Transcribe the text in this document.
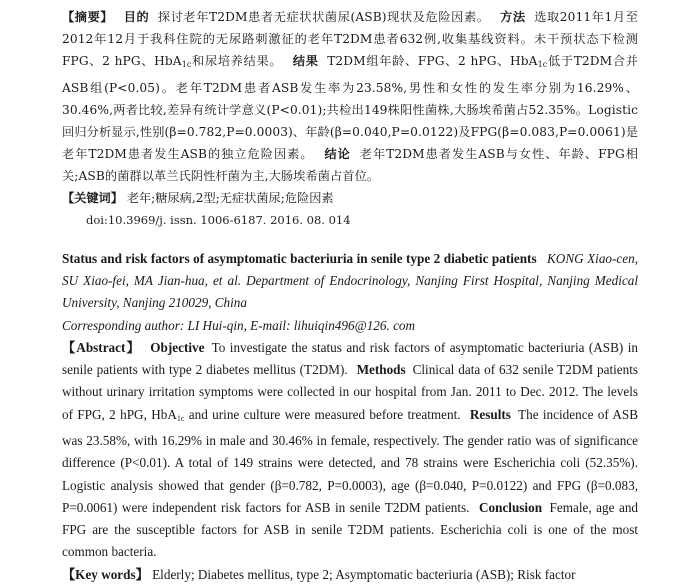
【摘要】 目的 探讨老年T2DM患者无症状状菌尿(ASB)现状及危险因素。 方法 选取2011年1月至2012年12月于我科住院的无尿路刺激征的老年T2DM患者632例,收集基线资料。未干预状态下检测FPG、2 hPG、HbA$_{1c}$和尿培养结果。 结果 T2DM组年龄、FPG、2 hPG、HbA$_{1c}$低于T2DM合并ASB组(P<0.05)。老年T2DM患者ASB发生率为23.58%,男性和女性的发生率分别为16.29%、30.46%,两者比较,差异有统计学意义(P<0.01);共检出149株阳性菌株,大肠埃希菌占52.35%。Logistic回归分析显示,性别(β=0.782,P=0.0003)、年龄(β=0.040,P=0.0122)及FPG(β=0.083,P=0.0061)是老年T2DM患者发生ASB的独立危险因素。 结论 老年T2DM患者发生ASB与女性、年龄、FPG相关;ASB的菌群以革兰氏阴性杆菌为主,大肠埃希菌占首位。
【关键词】 老年;糖尿病,2型;无症状菌尿;危险因素
doi:10.3969/j. issn. 1006-6187. 2016. 08. 014
Status and risk factors of asymptomatic bacteriuria in senile type 2 diabetic patients KONG Xiao-cen, SU Xiao-fei, MA Jian-hua, et al. Department of Endocrinology, Nanjing First Hospital, Nanjing Medical University, Nanjing 210029, China
Corresponding author: LI Hui-qin, E-mail: lihuiqin496@126. com
【Abstract】 Objective To investigate the status and risk factors of asymptomatic bacteriuria (ASB) in senile patients with type 2 diabetes mellitus (T2DM). Methods Clinical data of 632 senile T2DM patients without urinary irritation symptoms were collected in our hospital from Jan. 2011 to Dec. 2012. The levels of FPG, 2 hPG, HbA$_{1c}$ and urine culture were measured before treatment. Results The incidence of ASB was 23.58%, with 16.29% in male and 30.46% in female, respectively. The gender ratio was of significance difference (P<0.01). A total of 149 strains were detected, and 78 strains were Escherichia coli (52.35%). Logistic analysis showed that gender (β=0.782, P=0.0003), age (β=0.040, P=0.0122) and FPG (β=0.083, P=0.0061) were independent risk factors for ASB in senile T2DM patients. Conclusion Female, age and FPG are the susceptible factors for ASB in senile T2DM patients. Escherichia coli is one of the most common bacteria.
【Key words】 Elderly; Diabetes mellitus, type 2; Asymptomatic bacteriuria (ASB); Risk factor
